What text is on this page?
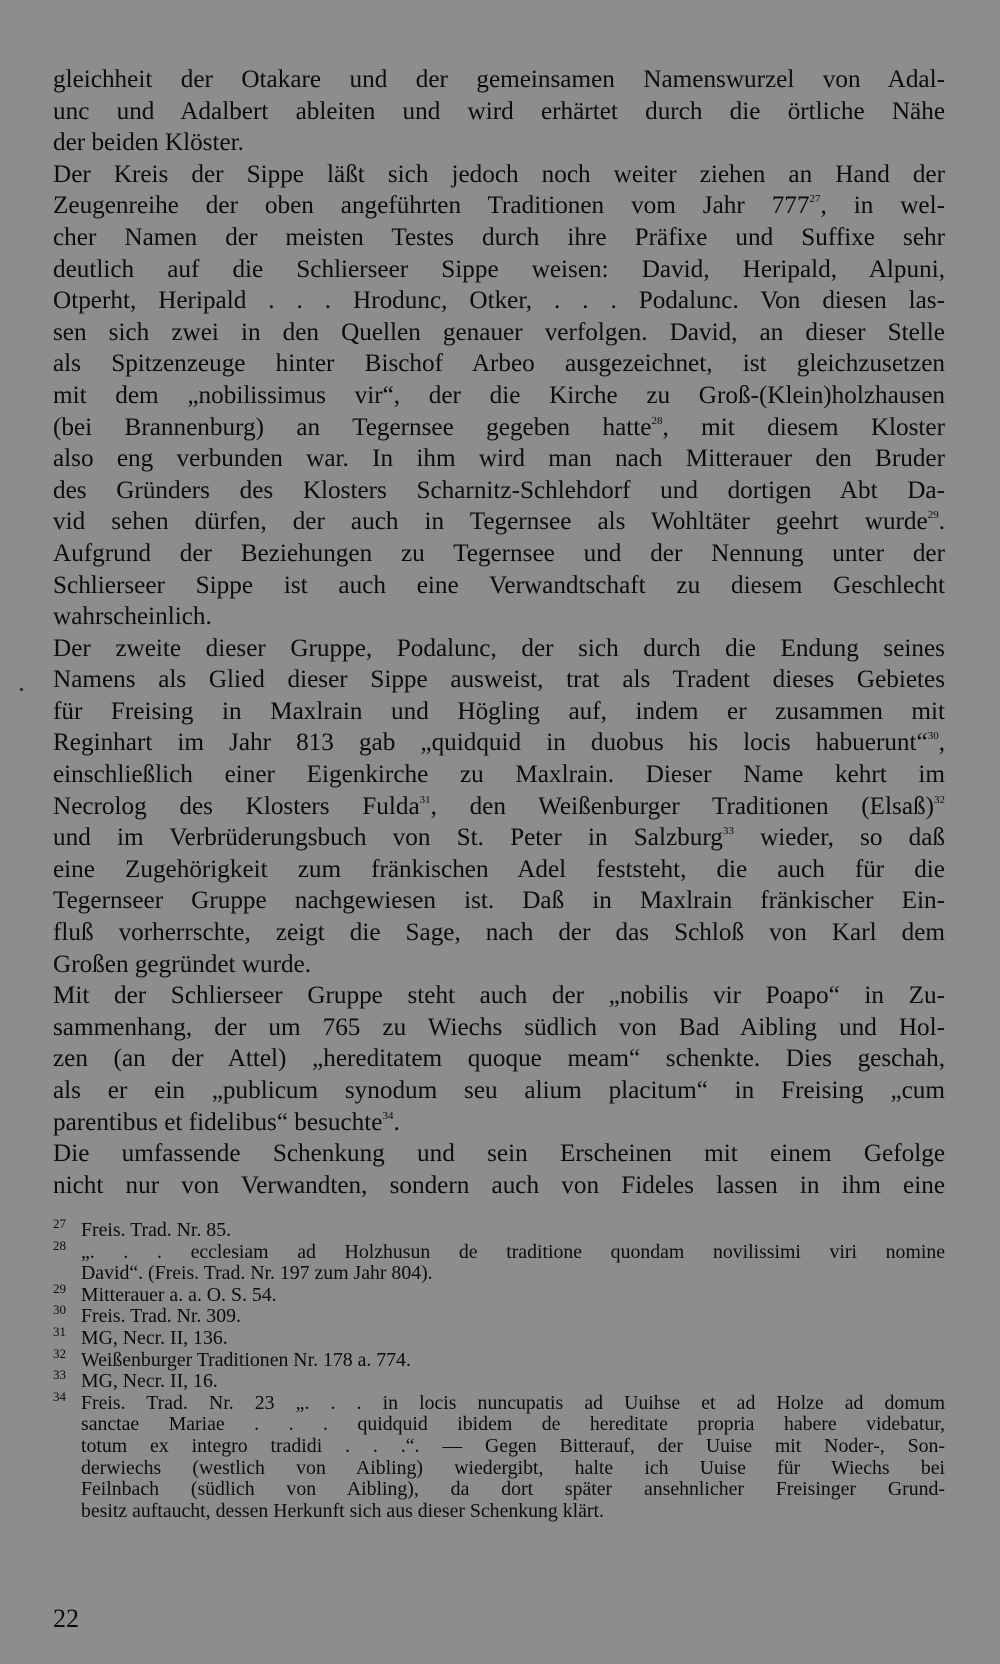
gleichheit der Otakare und der gemeinsamen Namenswurzel von Adal-
unc und Adalbert ableiten und wird erhärtet durch die örtliche Nähe
der beiden Klöster.
Der Kreis der Sippe läßt sich jedoch noch weiter ziehen an Hand der
Zeugenreihe der oben angeführten Traditionen vom Jahr $777^{27}$, in wel-
cher Namen der meisten Testes durch ihre Präfixe und Suffixe sehr
deutlich auf die Schlierseer Sippe weisen: David, Heripald, Alpuni,
Otperht, Heripald . . . Hrodunc, Otker, . . . Podalunc. Von diesen las-
sen sich zwei in den Quellen genauer verfolgen. David, an dieser Stelle
als Spitzenzeuge hinter Bischof Arbeo ausgezeichnet, ist gleichzusetzen
mit dem „nobilissimus vir“, der die Kirche zu Groß-(Klein)holzhausen
(bei Brannenburg) an Tegernsee gegeben hatte$^{28}$, mit diesem Kloster
also eng verbunden war. In ihm wird man nach Mitterauer den Bruder
des Gründers des Klosters Scharnitz-Schlehdorf und dortigen Abt Da-
vid sehen dürfen, der auch in Tegernsee als Wohltäter geehrt wurde$^{29}$.
Aufgrund der Beziehungen zu Tegernsee und der Nennung unter der
Schlierseer Sippe ist auch eine Verwandtschaft zu diesem Geschlecht
wahrscheinlich.
Der zweite dieser Gruppe, Podalunc, der sich durch die Endung seines
Namens als Glied dieser Sippe ausweist, trat als Tradent dieses Gebietes
für Freising in Maxlrain und Högling auf, indem er zusammen mit
Reginhart im Jahr 813 gab „quidquid in duobus his locis habuerunt“$^{30}$,
einschließlich einer Eigenkirche zu Maxlrain. Dieser Name kehrt im
Necrolog des Klosters Fulda$^{31}$, den Weißenburger Traditionen (Elsaß)$^{32}$
und im Verbrüderungsbuch von St. Peter in Salzburg$^{33}$ wieder, so daß
eine Zugehörigkeit zum fränkischen Adel feststeht, die auch für die
Tegernseer Gruppe nachgewiesen ist. Daß in Maxlrain fränkischer Ein-
fluß vorherrschte, zeigt die Sage, nach der das Schloß von Karl dem
Großen gegründet wurde.
Mit der Schlierseer Gruppe steht auch der „nobilis vir Poapo“ in Zu-
sammenhang, der um 765 zu Wiechs südlich von Bad Aibling und Hol-
zen (an der Attel) „hereditatem quoque meam“ schenkte. Dies geschah,
als er ein „publicum synodum seu alium placitum“ in Freising „cum
parentibus et fidelibus“ besuchte$^{34}$.
Die umfassende Schenkung und sein Erscheinen mit einem Gefolge
nicht nur von Verwandten, sondern auch von Fideles lassen in ihm eine
$^{27}$ Freis. Trad. Nr. 85.
$^{28}$ „. . . ecclesiam ad Holzhusun de traditione quondam novilissimi viri nomine
David“. (Freis. Trad. Nr. 197 zum Jahr 804).
$^{29}$ Mitterauer a. a. O. S. 54.
$^{30}$ Freis. Trad. Nr. 309.
$^{31}$ MG, Necr. II, 136.
$^{32}$ Weißenburger Traditionen Nr. 178 a. 774.
$^{33}$ MG, Necr. II, 16.
$^{34}$ Freis. Trad. Nr. 23 „. . . in locis nuncupatis ad Uuihse et ad Holze ad domum
sanctae Mariae . . . quidquid ibidem de hereditate propria habere videbatur,
totum ex integro tradidi . . .“. — Gegen Bitterauf, der Uuise mit Noder-, Son-
derwiechs (westlich von Aibling) wiedergibt, halte ich Uuise für Wiechs bei
Feilnbach (südlich von Aibling), da dort später ansehnlicher Freisinger Grund-
besitz auftaucht, dessen Herkunft sich aus dieser Schenkung klärt.
22
